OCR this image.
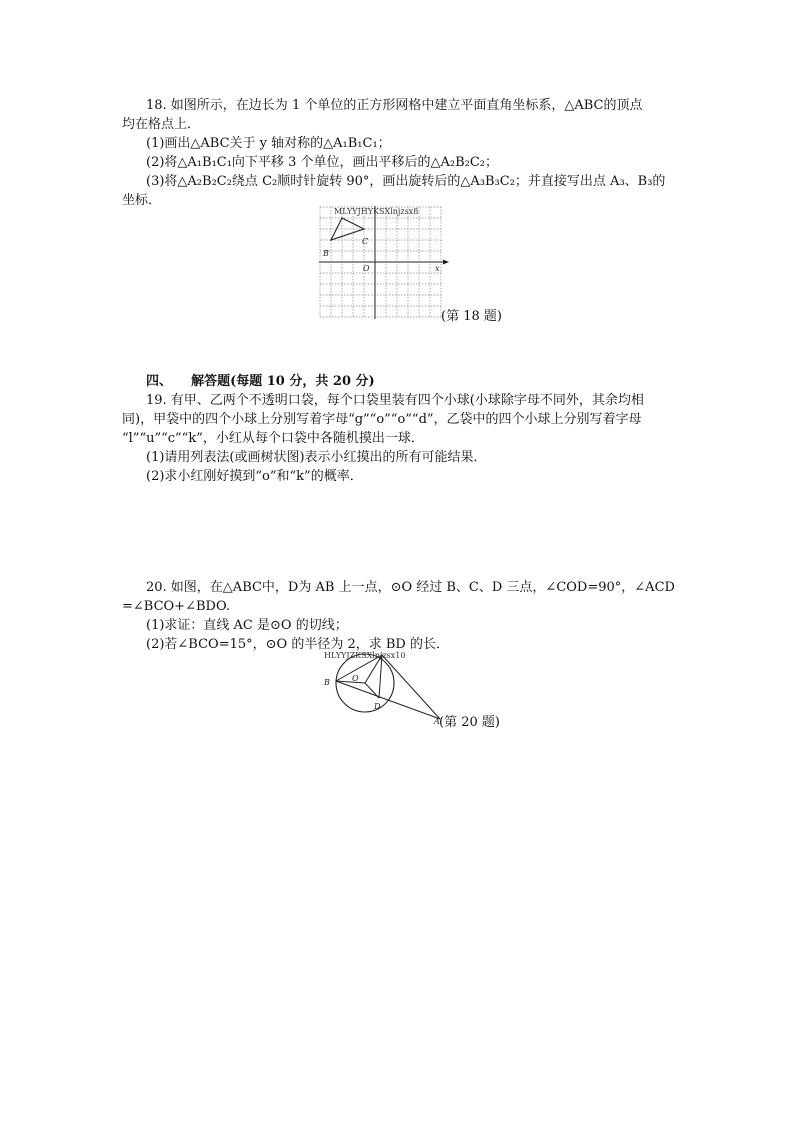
18. 如图所示，在边长为 1 个单位的正方形网格中建立平面直角坐标系，△ABC的顶点
均在格点上．
(1)画出△ABC关于 y 轴对称的△A₁B₁C₁；
(2)将△A₁B₁C₁向下平移 3 个单位，画出平移后的△A₂B₂C₂；
(3)将△A₂B₂C₂绕点 C₂顺时针旋转 90°，画出旋转后的△A₃B₃C₂；并直接写出点 A₃、B₃的
坐标．
MLYYJHYKSXlnjzsx8
B
C
O	x
(第 18 题)
四、 解答题(每题 10 分，共 20 分)
19. 有甲、乙两个不透明口袋，每个口袋里装有四个小球(小球除字母不同外，其余均相
同)，甲袋中的四个小球上分别写着字母“g”“o”“o”“d”，乙袋中的四个小球上分别写着字母
“l”“u”“c”“k”，小红从每个口袋中各随机摸出一球．
(1)请用列表法(或画树状图)表示小红摸出的所有可能结果．
(2)求小红刚好摸到“o”和“k”的概率．
20. 如图，在△ABC中，D为 AB 上一点，⊙O 经过 B、C、D 三点，∠COD=90°，∠ACD
=∠BCO+∠BDO.
(1)求证：直线 AC 是⊙O 的切线；
(2)若∠BCO=15°，⊙O 的半径为 2，求 BD 的长．
HLYYJZKSXlnjzsx10
B	O
D
A (第 20 题)
